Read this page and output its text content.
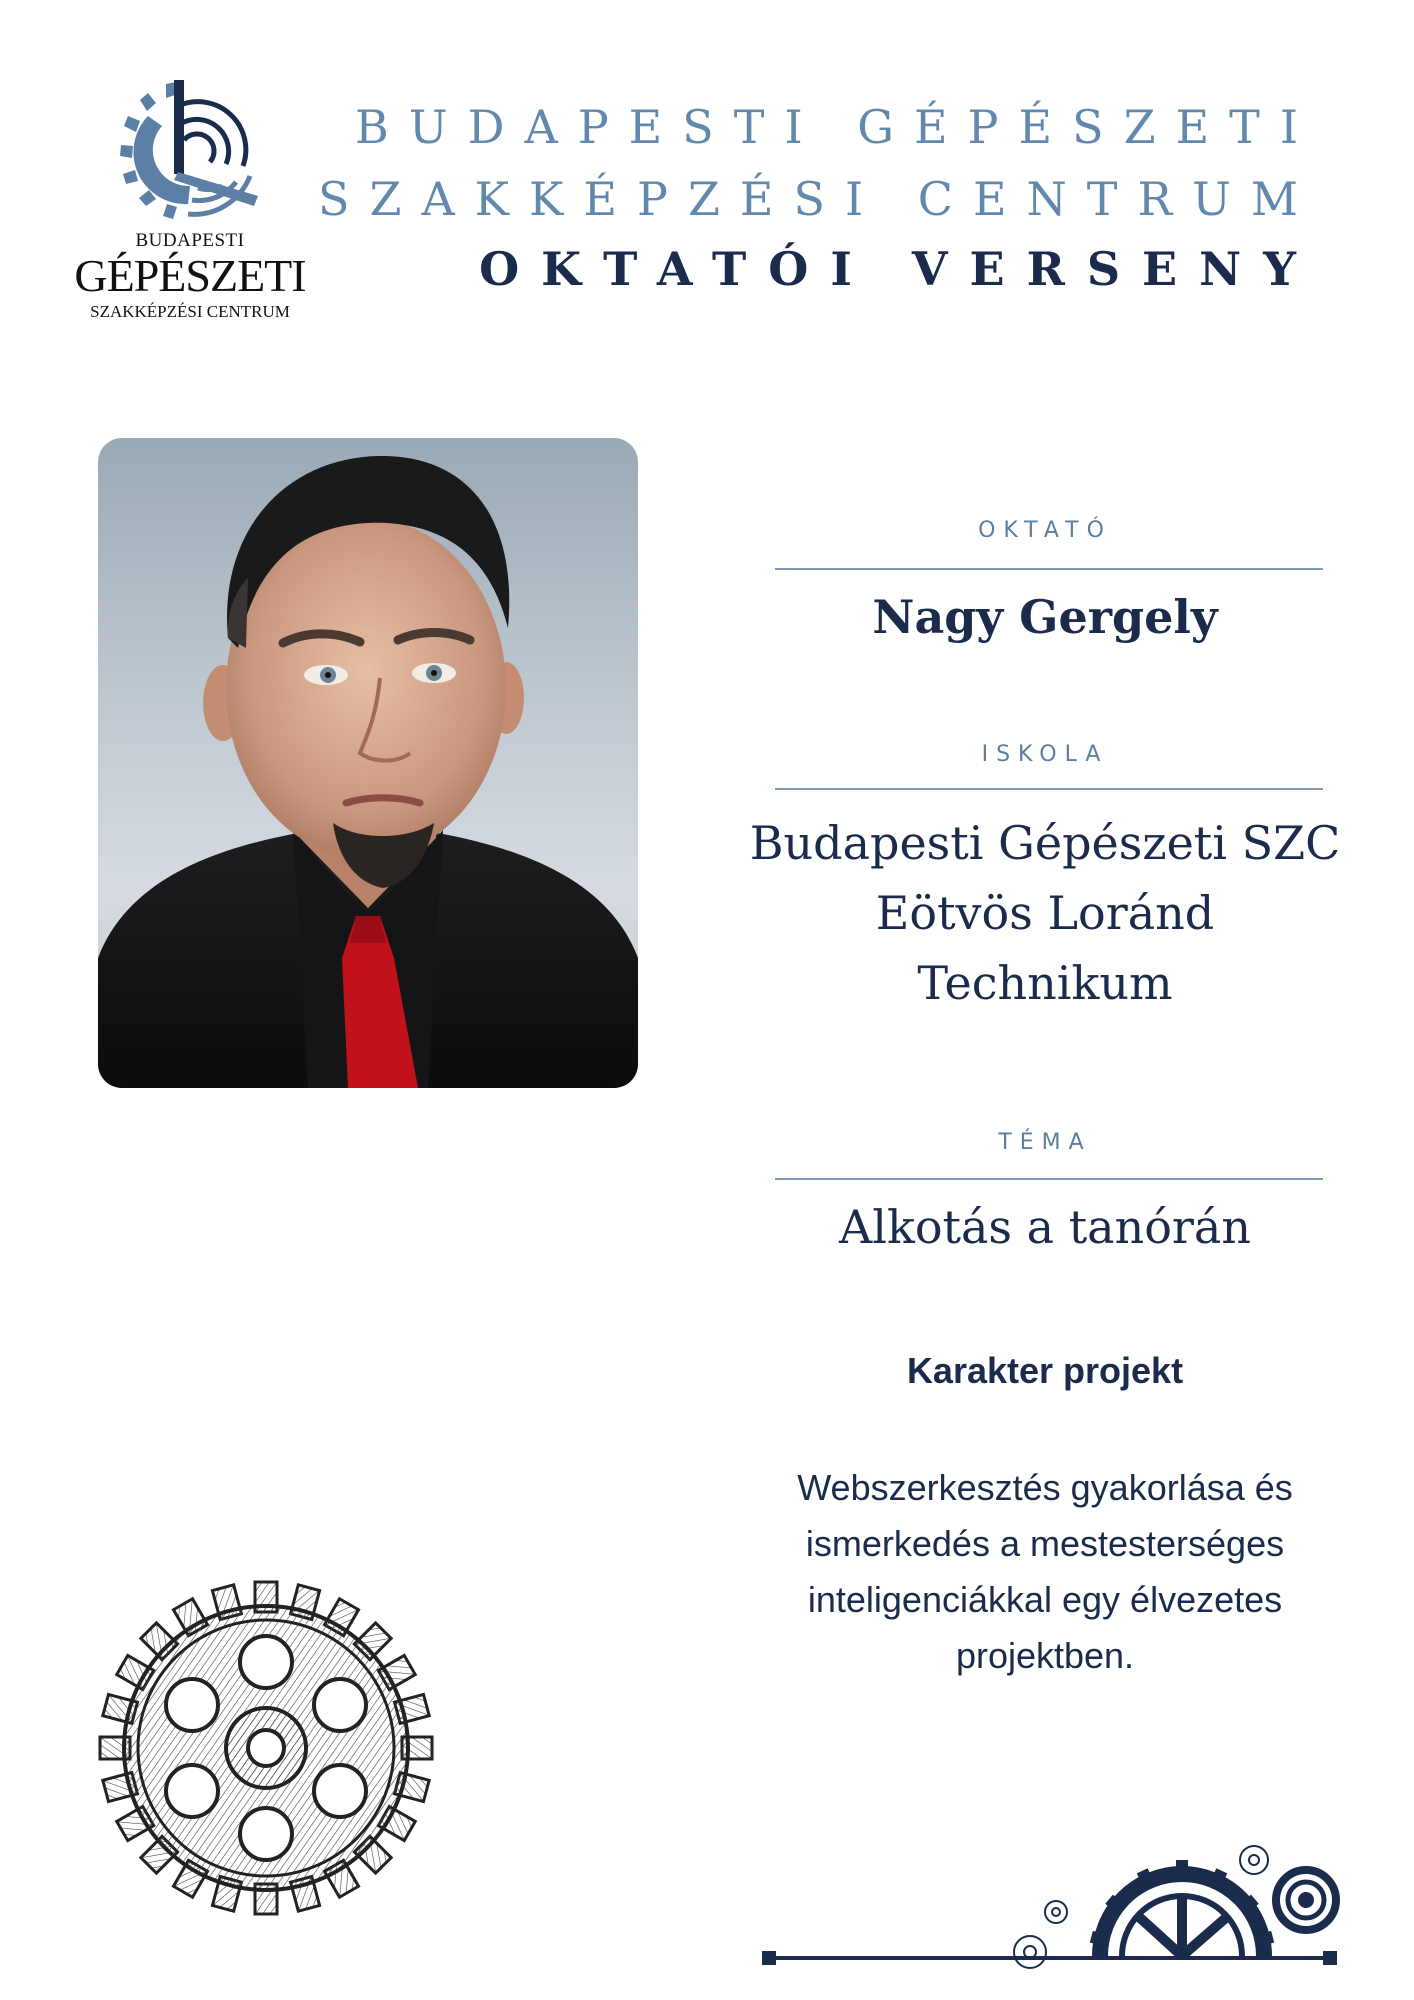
BUDAPESTI
GÉPÉSZETI
SZAKKÉPZÉSI CENTRUM
BUDAPESTI GÉPÉSZETI
SZAKKÉPZÉSI CENTRUM
OKTATÓI VERSENY
OKTATÓ
Nagy Gergely
ISKOLA
Budapesti Gépészeti SZC
Eötvös Loránd
Technikum
TÉMA
Alkotás a tanórán
Karakter projekt
Webszerkesztés gyakorlása és
ismerkedés a mestesterséges
inteligenciákkal egy élvezetes
projektben.
